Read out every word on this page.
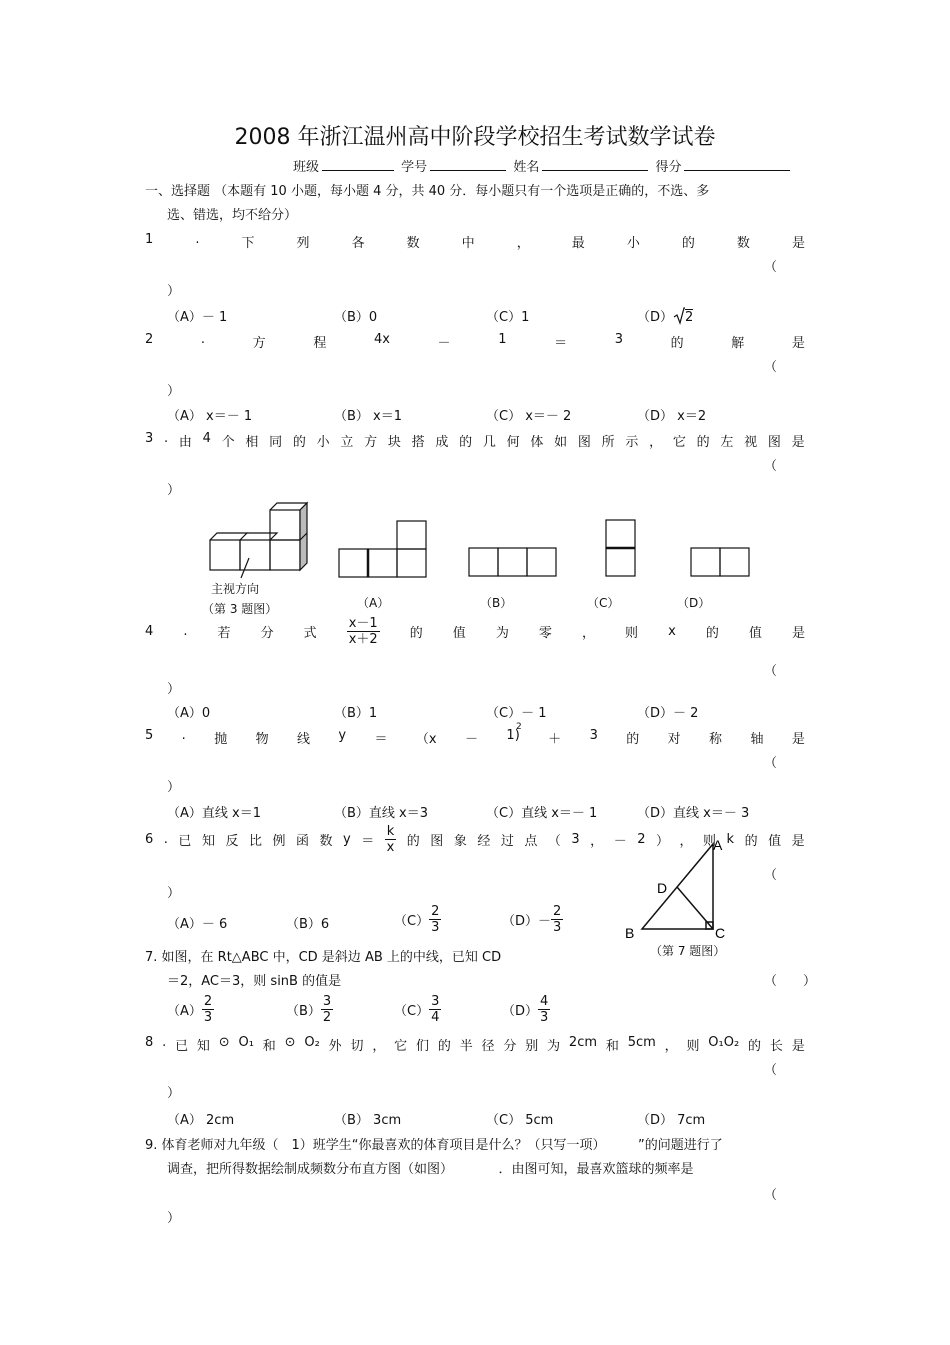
2008 年浙江温州高中阶段学校招生考试数学试卷
班级	学号	姓名	得分
一、选择题 （本题有 10 小题，每小题 4 分，共 40 分．每小题只有一个选项是正确的，不选、多
选、错选，均不给分）
1	.	下	列	各	数	中	，	最	小	的	数	是
（
）
（A）－ 1	（B）0	（C）1	（D） 2
2	.	方	程	4x	－	1	＝	3	的	解	是
（
）
（A） x＝－ 1	（B） x＝1	（C） x＝－ 2	（D） x＝2
3 . 由 4 个 相 同 的 小 立 方 块 搭 成 的 几 何 体 如 图 所 示 ， 它 的 左 视 图 是
（
）
主视方向
（第 3 题图）	（A）	（B）	（C）	（D）
4 . 若 分 式 $\frac{x-1}{x+2}$ 的 值 为 零 ， 则 x 的 值 是
（
）
（A）0	（B）1	（C）－ 1	（D）－ 2
5 . 抛 物 线 y ＝ （x － 1) ＋ 3 的 对 称 轴 是
2
（
）
（A）直线 x＝1	（B）直线 x＝3	（C）直线 x＝－ 1	（D）直线 x＝－ 3
6 . 已 知 反 比 例 函 数 $y = \frac{k}{x}$ 的 图 象 经 过 点 （ 3 ， － 2 ） ， 则 k 的 值 是
（
）
（A）－ 6	（B）6	$(C) \frac{2}{3}$	$(D)- \frac{2}{3}$
A
D
B	C
（第 7 题图）
7. 如图，在 Rt△ABC 中，CD 是斜边 AB 上的中线，已知 CD
＝2，AC＝3，则 sinB 的值是	（　　）
$(A) \frac{2}{3}$	$(B) \frac{3}{2}$	$(C) \frac{3}{4}$	$(D) \frac{4}{3}$
8 . 已 知 ⊙ O₁ 和 ⊙ O₂ 外 切 ， 它 们 的 半 径 分 别 为 2cm 和 5cm ， 则 O₁O₂ 的 长 是
（
）
（A） 2cm	（B） 3cm	（C） 5cm	（D） 7cm
9. 体育老师对九年级（　1）班学生“你最喜欢的体育项目是什么？（只写一项）　　　”的问题进行了
调查，把所得数据绘制成频数分布直方图（如图）　　　　．由图可知，最喜欢篮球的频率是
（
）
